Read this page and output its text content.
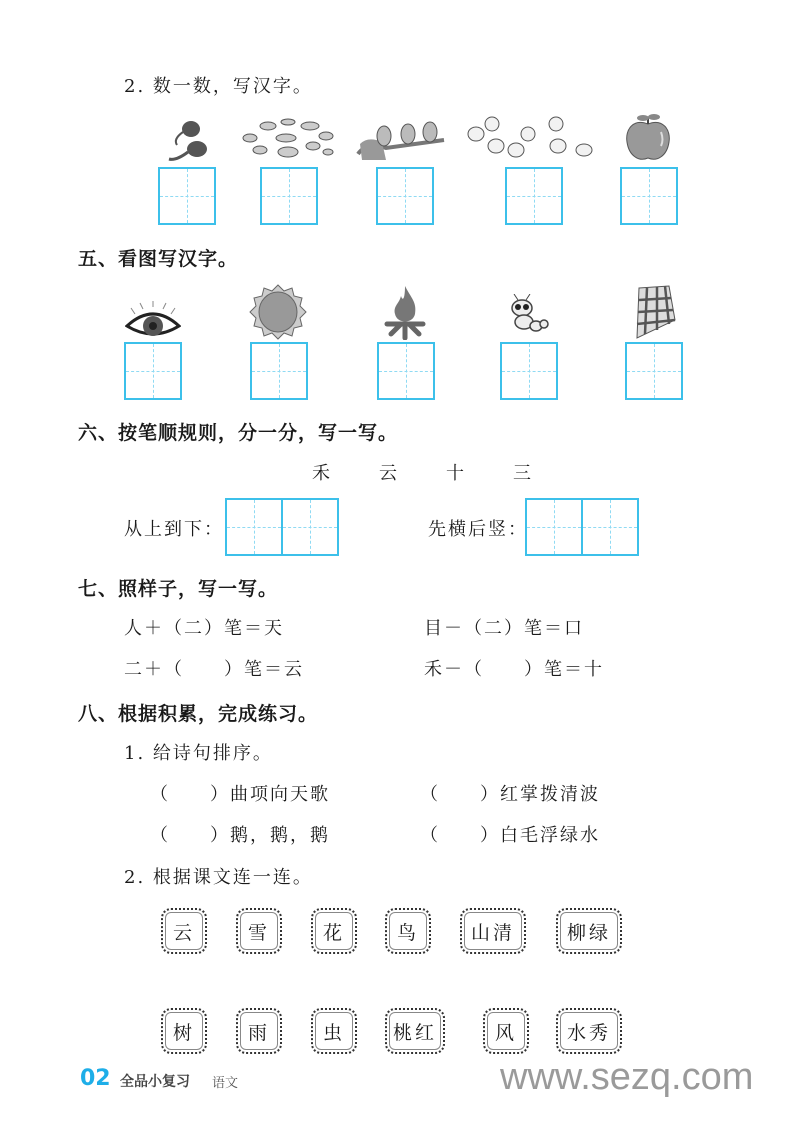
2. 数一数，写汉字。
五、看图写汉字。
六、按笔顺规则，分一分，写一写。
禾	云	十	三
从上到下：	先横后竖：
七、照样子，写一写。
人＋（二）笔＝天	目－（二）笔＝口
二＋（　　）笔＝云	禾－（　　）笔＝十
八、根据积累，完成练习。
1. 给诗句排序。
（　　）曲项向天歌	（　　）红掌拨清波
（　　）鹅，鹅，鹅	（　　）白毛浮绿水
2. 根据课文连一连。
云	雪	花	鸟	山清	柳绿
树	雨	虫	桃红	风	水秀
02 全品小复习 语文	www.sezq.com
